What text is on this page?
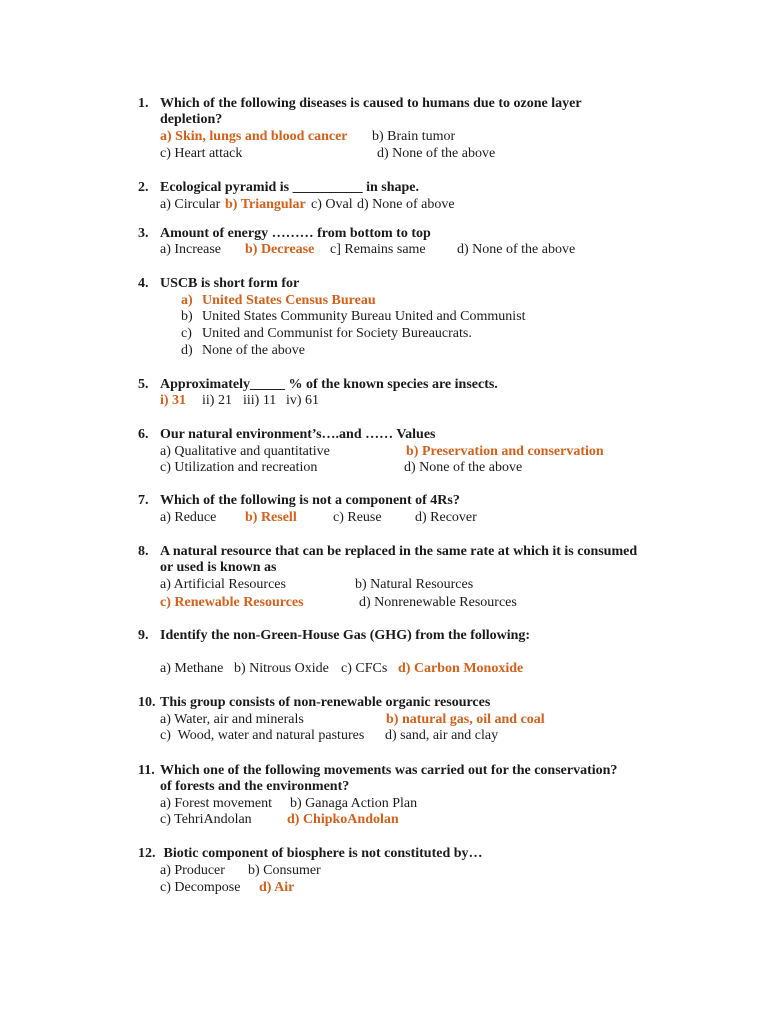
1. Which of the following diseases is caused to humans due to ozone layer
depletion?
a) Skin, lungs and blood cancer b) Brain tumor
c) Heart attack	d) None of the above
2. Ecological pyramid is __________ in shape.
a) Circular b) Triangular c) Oval d) None of above
3. Amount of energy ……… from bottom to top
a) Increase b) Decrease c] Remains same d) None of the above
4. USCB is short form for
a) United States Census Bureau
b) United States Community Bureau United and Communist
c) United and Communist for Society Bureaucrats.
d) None of the above
5. Approximately_____ % of the known species are insects.
i) 31 ii) 21 iii) 11 iv) 61
6. Our natural environment’s….and …… Values
a) Qualitative and quantitative	b) Preservation and conservation
c) Utilization and recreation	d) None of the above
7. Which of the following is not a component of 4Rs?
a) Reduce b) Resell	c) Reuse d) Recover
8. A natural resource that can be replaced in the same rate at which it is consumed
or used is known as
a) Artificial Resources	b) Natural Resources
c) Renewable Resources	d) Nonrenewable Resources
9. Identify the non-Green-House Gas (GHG) from the following:
a) Methane b) Nitrous Oxide c) CFCs d) Carbon Monoxide
10. This group consists of non-renewable organic resources
a) Water, air and minerals	b) natural gas, oil and coal
c)  Wood, water and natural pastures d) sand, air and clay
11. Which one of the following movements was carried out for the conservation?
of forests and the environment?
a) Forest movement b) Ganaga Action Plan
c) TehriAndolan	d) ChipkoAndolan
12. Biotic component of biosphere is not constituted by…
a) Producer b) Consumer
c) Decompose d) Air
